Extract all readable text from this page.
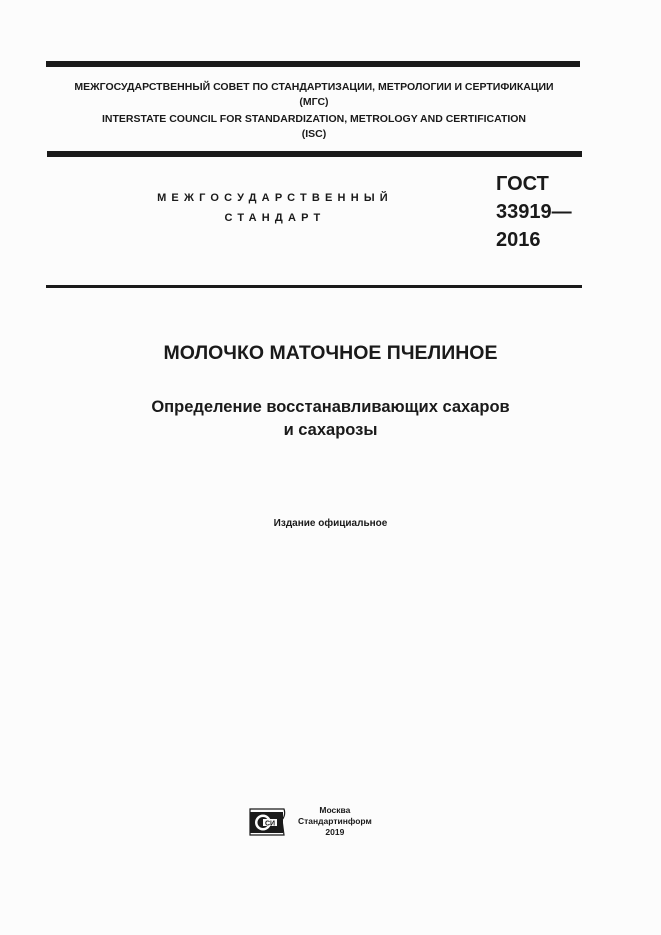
МЕЖГОСУДАРСТВЕННЫЙ СОВЕТ ПО СТАНДАРТИЗАЦИИ, МЕТРОЛОГИИ И СЕРТИФИКАЦИИ
(МГС)
INTERSTATE COUNCIL FOR STANDARDIZATION, METROLOGY AND CERTIFICATION
(ISC)
МЕЖГОСУДАРСТВЕННЫЙ
СТАНДАРТ
ГОСТ
33919—
2016
МОЛОЧКО МАТОЧНОЕ ПЧЕЛИНОЕ
Определение восстанавливающих сахаров
и сахарозы
Издание официальное
СИ
Москва
Стандартинформ
2019
